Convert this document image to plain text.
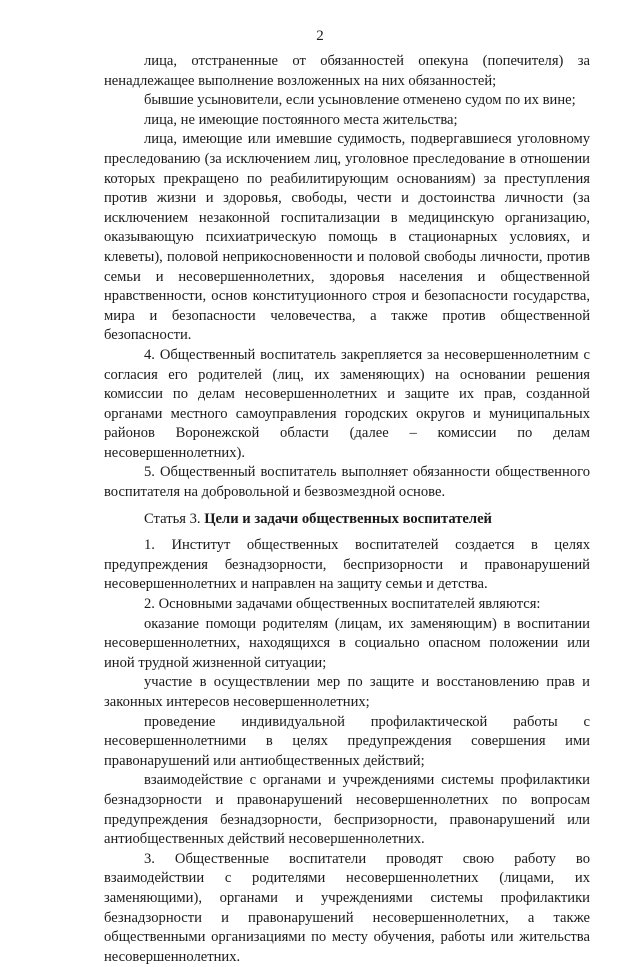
2

лица, отстраненные от обязанностей опекуна (попечителя) за ненадлежащее выполнение возложенных на них обязанностей;

бывшие усыновители, если усыновление отменено судом по их вине;

лица, не имеющие постоянного места жительства;

лица, имеющие или имевшие судимость, подвергавшиеся уголовному преследованию (за исключением лиц, уголовное преследование в отношении которых прекращено по реабилитирующим основаниям) за преступления против жизни и здоровья, свободы, чести и достоинства личности (за исключением незаконной госпитализации в медицинскую организацию, оказывающую психиатрическую помощь в стационарных условиях, и клеветы), половой неприкосновенности и половой свободы личности, против семьи и несовершеннолетних, здоровья населения и общественной нравственности, основ конституционного строя и безопасности государства, мира и безопасности человечества, а также против общественной безопасности.

4. Общественный воспитатель закрепляется за несовершеннолетним с согласия его родителей (лиц, их заменяющих) на основании решения комиссии по делам несовершеннолетних и защите их прав, созданной органами местного самоуправления городских округов и муниципальных районов Воронежской области (далее – комиссии по делам несовершеннолетних).

5. Общественный воспитатель выполняет обязанности общественного воспитателя на добровольной и безвозмездной основе.

Статья 3. Цели и задачи общественных воспитателей

1. Институт общественных воспитателей создается в целях предупреждения безнадзорности, беспризорности и правонарушений несовершеннолетних и направлен на защиту семьи и детства.

2. Основными задачами общественных воспитателей являются:

оказание помощи родителям (лицам, их заменяющим) в воспитании несовершеннолетних, находящихся в социально опасном положении или иной трудной жизненной ситуации;

участие в осуществлении мер по защите и восстановлению прав и законных интересов несовершеннолетних;

проведение индивидуальной профилактической работы с несовершеннолетними в целях предупреждения совершения ими правонарушений или антиобщественных действий;

взаимодействие с органами и учреждениями системы профилактики безнадзорности и правонарушений несовершеннолетних по вопросам предупреждения безнадзорности, беспризорности, правонарушений или антиобщественных действий несовершеннолетних.

3. Общественные воспитатели проводят свою работу во взаимодействии с родителями несовершеннолетних (лицами, их заменяющими), органами и учреждениями системы профилактики безнадзорности и правонарушений несовершеннолетних, а также общественными организациями по месту обучения, работы или жительства несовершеннолетних.
